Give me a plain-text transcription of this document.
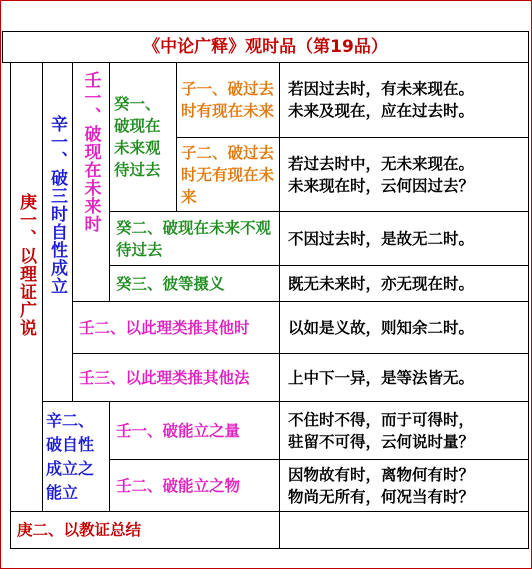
《中论广释》观时品（第19品）
庚一、以理证广说 辛一、破三时自性成立 壬一、破现在未来时 癸一、破现在未来观待过去
子一、破过去时有现在未来
子二、破过去时无有现在未来
癸二、破现在未来不观待过去
癸三、彼等摄义
壬二、以此理类推其他时
壬三、以此理类推其他法
辛二、破自性成立之能立
壬一、破能立之量
壬二、破能立之物
庚二、以教证总结
若因过去时，有未来现在。
未来及现在，应在过去时。
若过去时中，无未来现在。
未来现在时，云何因过去？
不因过去时，是故无二时。
既无未来时，亦无现在时。
以如是义故，则知余二时。
上中下一异，是等法皆无。
不住时不得，而于可得时，
驻留不可得，云何说时量？
因物故有时，离物何有时？
物尚无所有，何况当有时？
